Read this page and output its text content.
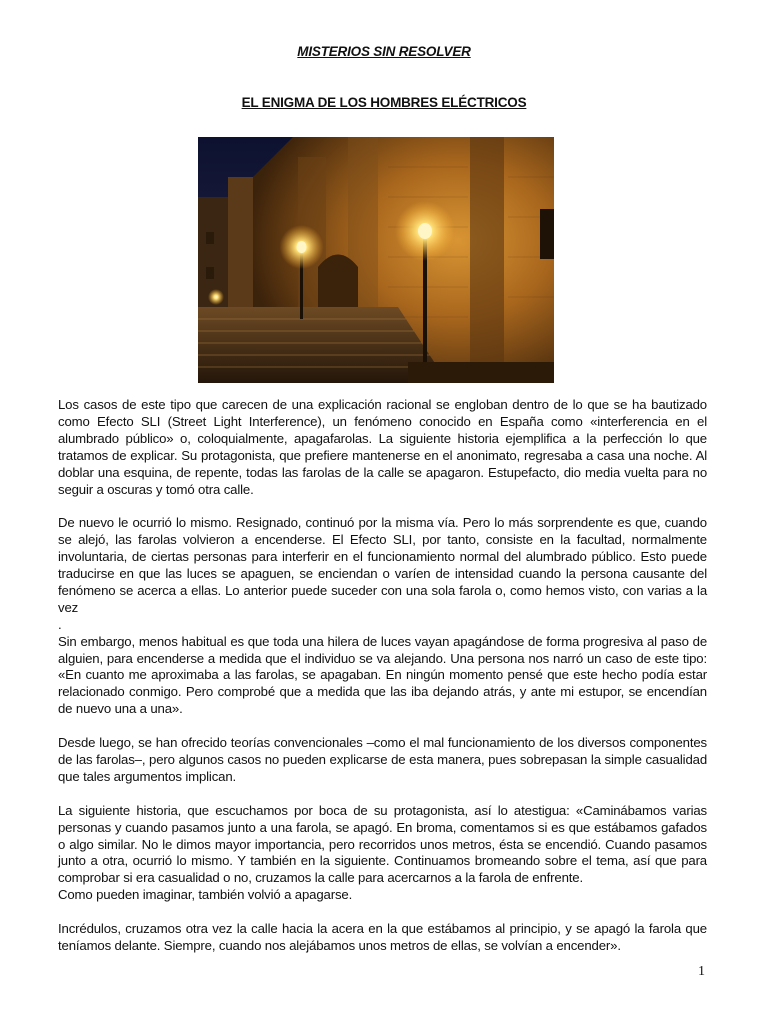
MISTERIOS SIN RESOLVER
EL ENIGMA DE LOS HOMBRES ELÉCTRICOS

Los casos de este tipo que carecen de una explicación racional se engloban dentro de lo que se ha bautizado como Efecto SLI (Street Light Interference), un fenómeno conocido en España como «interferencia en el alumbrado público» o, coloquialmente, apagafarolas. La siguiente historia ejemplifica a la perfección lo que tratamos de explicar. Su protagonista, que prefiere mantenerse en el anonimato, regresaba a casa una noche. Al doblar una esquina, de repente, todas las farolas de la calle se apagaron. Estupefacto, dio media vuelta para no seguir a oscuras y tomó otra calle.

De nuevo le ocurrió lo mismo. Resignado, continuó por la misma vía. Pero lo más sorprendente es que, cuando se alejó, las farolas volvieron a encenderse. El Efecto SLI, por tanto, consiste en la facultad, normalmente involuntaria, de ciertas personas para interferir en el funcionamiento normal del alumbrado público. Esto puede traducirse en que las luces se apaguen, se enciendan o varíen de intensidad cuando la persona causante del fenómeno se acerca a ellas. Lo anterior puede suceder con una sola farola o, como hemos visto, con varias a la vez

.

Sin embargo, menos habitual es que toda una hilera de luces vayan apagándose de forma progresiva al paso de alguien, para encenderse a medida que el individuo se va alejando. Una persona nos narró un caso de este tipo: «En cuanto me aproximaba a las farolas, se apagaban. En ningún momento pensé que este hecho podía estar relacionado conmigo. Pero comprobé que a medida que las iba dejando atrás, y ante mi estupor, se encendían de nuevo una a una».

Desde luego, se han ofrecido teorías convencionales –como el mal funcionamiento de los diversos componentes de las farolas–, pero algunos casos no pueden explicarse de esta manera, pues sobrepasan la simple casualidad que tales argumentos implican.

La siguiente historia, que escuchamos por boca de su protagonista, así lo atestigua: «Caminábamos varias personas y cuando pasamos junto a una farola, se apagó. En broma, comentamos si es que estábamos gafados o algo similar. No le dimos mayor importancia, pero recorridos unos metros, ésta se encendió. Cuando pasamos junto a otra, ocurrió lo mismo. Y también en la siguiente. Continuamos bromeando sobre el tema, así que para comprobar si era casualidad o no, cruzamos la calle para acercarnos a la farola de enfrente.

Como pueden imaginar, también volvió a apagarse.

Incrédulos, cruzamos otra vez la calle hacia la acera en la que estábamos al principio, y se apagó la farola que teníamos delante. Siempre, cuando nos alejábamos unos metros de ellas, se volvían a encender».

1
